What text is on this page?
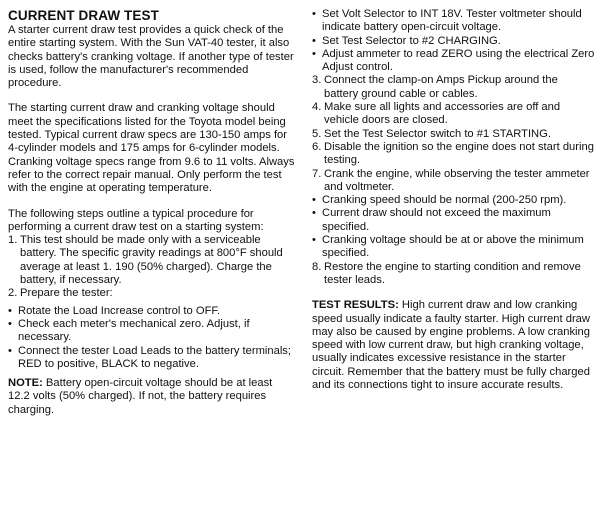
CURRENT DRAW TEST

A starter current draw test provides a quick check of the entire starting system. With the Sun VAT-40 tester, it also checks battery's cranking voltage. If another type of tester is used, follow the manufacturer's recommended procedure.

The starting current draw and cranking voltage should meet the specifications listed for the Toyota model being tested. Typical current draw specs are 130-150 amps for 4-cylinder models and 175 amps for 6-cylinder models. Cranking voltage specs range from 9.6 to 11 volts. Always refer to the correct repair manual. Only perform the test with the engine at operating temperature.

The following steps outline a typical procedure for performing a current draw test on a starting system:

1. This test should be made only with a serviceable battery. The specific gravity readings at 800°F should average at least 1. 190 (50% charged). Charge the battery, if necessary.
2. Prepare the tester:
• Rotate the Load Increase control to OFF.
• Check each meter's mechanical zero. Adjust, if necessary.
• Connect the tester Load Leads to the battery terminals; RED to positive, BLACK to negative.

NOTE: Battery open-circuit voltage should be at least 12.2 volts (50% charged). If not, the battery requires charging.

• Set Volt Selector to INT 18V. Tester voltmeter should indicate battery open-circuit voltage.
• Set Test Selector to #2 CHARGING.
• Adjust ammeter to read ZERO using the electrical Zero Adjust control.
3. Connect the clamp-on Amps Pickup around the battery ground cable or cables.
4. Make sure all lights and accessories are off and vehicle doors are closed.
5. Set the Test Selector switch to #1 STARTING.
6. Disable the ignition so the engine does not start during testing.
7. Crank the engine, while observing the tester ammeter and voltmeter.
• Cranking speed should be normal (200-250 rpm).
• Current draw should not exceed the maximum specified.
• Cranking voltage should be at or above the minimum specified.
8. Restore the engine to starting condition and remove tester leads.

TEST RESULTS: High current draw and low cranking speed usually indicate a faulty starter. High current draw may also be caused by engine problems. A low cranking speed with low current draw, but high cranking voltage, usually indicates excessive resistance in the starter circuit. Remember that the battery must be fully charged and its connections tight to insure accurate results.
